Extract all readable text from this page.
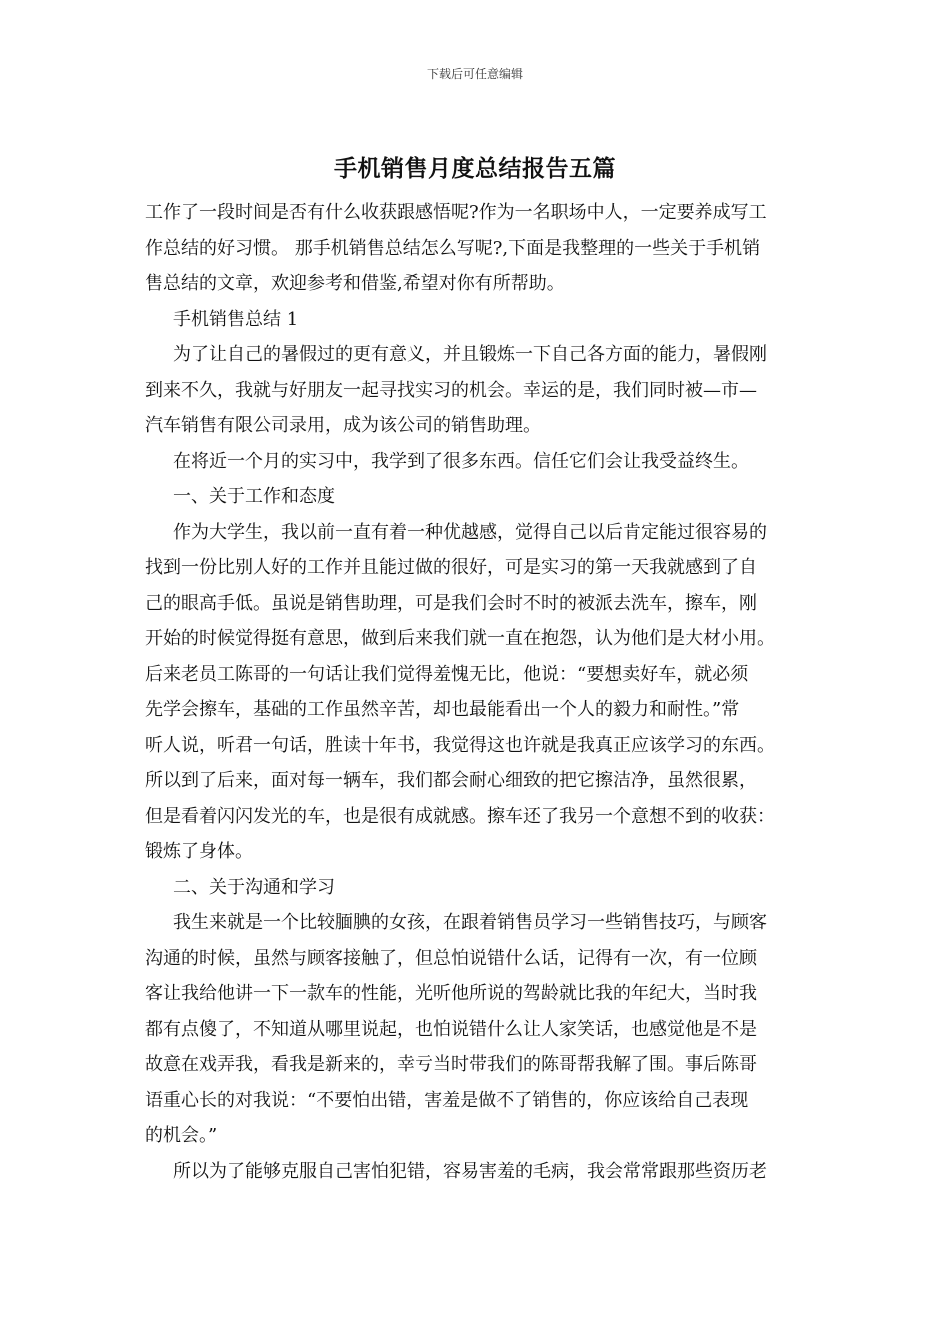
下载后可任意编辑
手机销售月度总结报告五篇
工作了一段时间是否有什么收获跟感悟呢?作为一名职场中人，一定要养成写工
作总结的好习惯。 那手机销售总结怎么写呢?,下面是我整理的一些关于手机销
售总结的文章，欢迎参考和借鉴,希望对你有所帮助。
手机销售总结 1
为了让自己的暑假过的更有意义，并且锻炼一下自己各方面的能力，暑假刚
到来不久，我就与好朋友一起寻找实习的机会。幸运的是，我们同时被—市—
汽车销售有限公司录用，成为该公司的销售助理。
在将近一个月的实习中，我学到了很多东西。信任它们会让我受益终生。
一、关于工作和态度
作为大学生，我以前一直有着一种优越感，觉得自己以后肯定能过很容易的
找到一份比别人好的工作并且能过做的很好，可是实习的第一天我就感到了自
己的眼高手低。虽说是销售助理，可是我们会时不时的被派去洗车，擦车，刚
开始的时候觉得挺有意思，做到后来我们就一直在抱怨，认为他们是大材小用。
后来老员工陈哥的一句话让我们觉得羞愧无比，他说：“要想卖好车，就必须
先学会擦车，基础的工作虽然辛苦，却也最能看出一个人的毅力和耐性。”常
听人说，听君一句话，胜读十年书，我觉得这也许就是我真正应该学习的东西。
所以到了后来，面对每一辆车，我们都会耐心细致的把它擦洁净，虽然很累，
但是看着闪闪发光的车，也是很有成就感。擦车还了我另一个意想不到的收获：
锻炼了身体。
二、关于沟通和学习
我生来就是一个比较腼腆的女孩，在跟着销售员学习一些销售技巧，与顾客
沟通的时候，虽然与顾客接触了，但总怕说错什么话，记得有一次，有一位顾
客让我给他讲一下一款车的性能，光听他所说的驾龄就比我的年纪大，当时我
都有点傻了，不知道从哪里说起，也怕说错什么让人家笑话，也感觉他是不是
故意在戏弄我，看我是新来的，幸亏当时带我们的陈哥帮我解了围。事后陈哥
语重心长的对我说：“不要怕出错，害羞是做不了销售的，你应该给自己表现
的机会。”
所以为了能够克服自己害怕犯错，容易害羞的毛病，我会常常跟那些资历老
